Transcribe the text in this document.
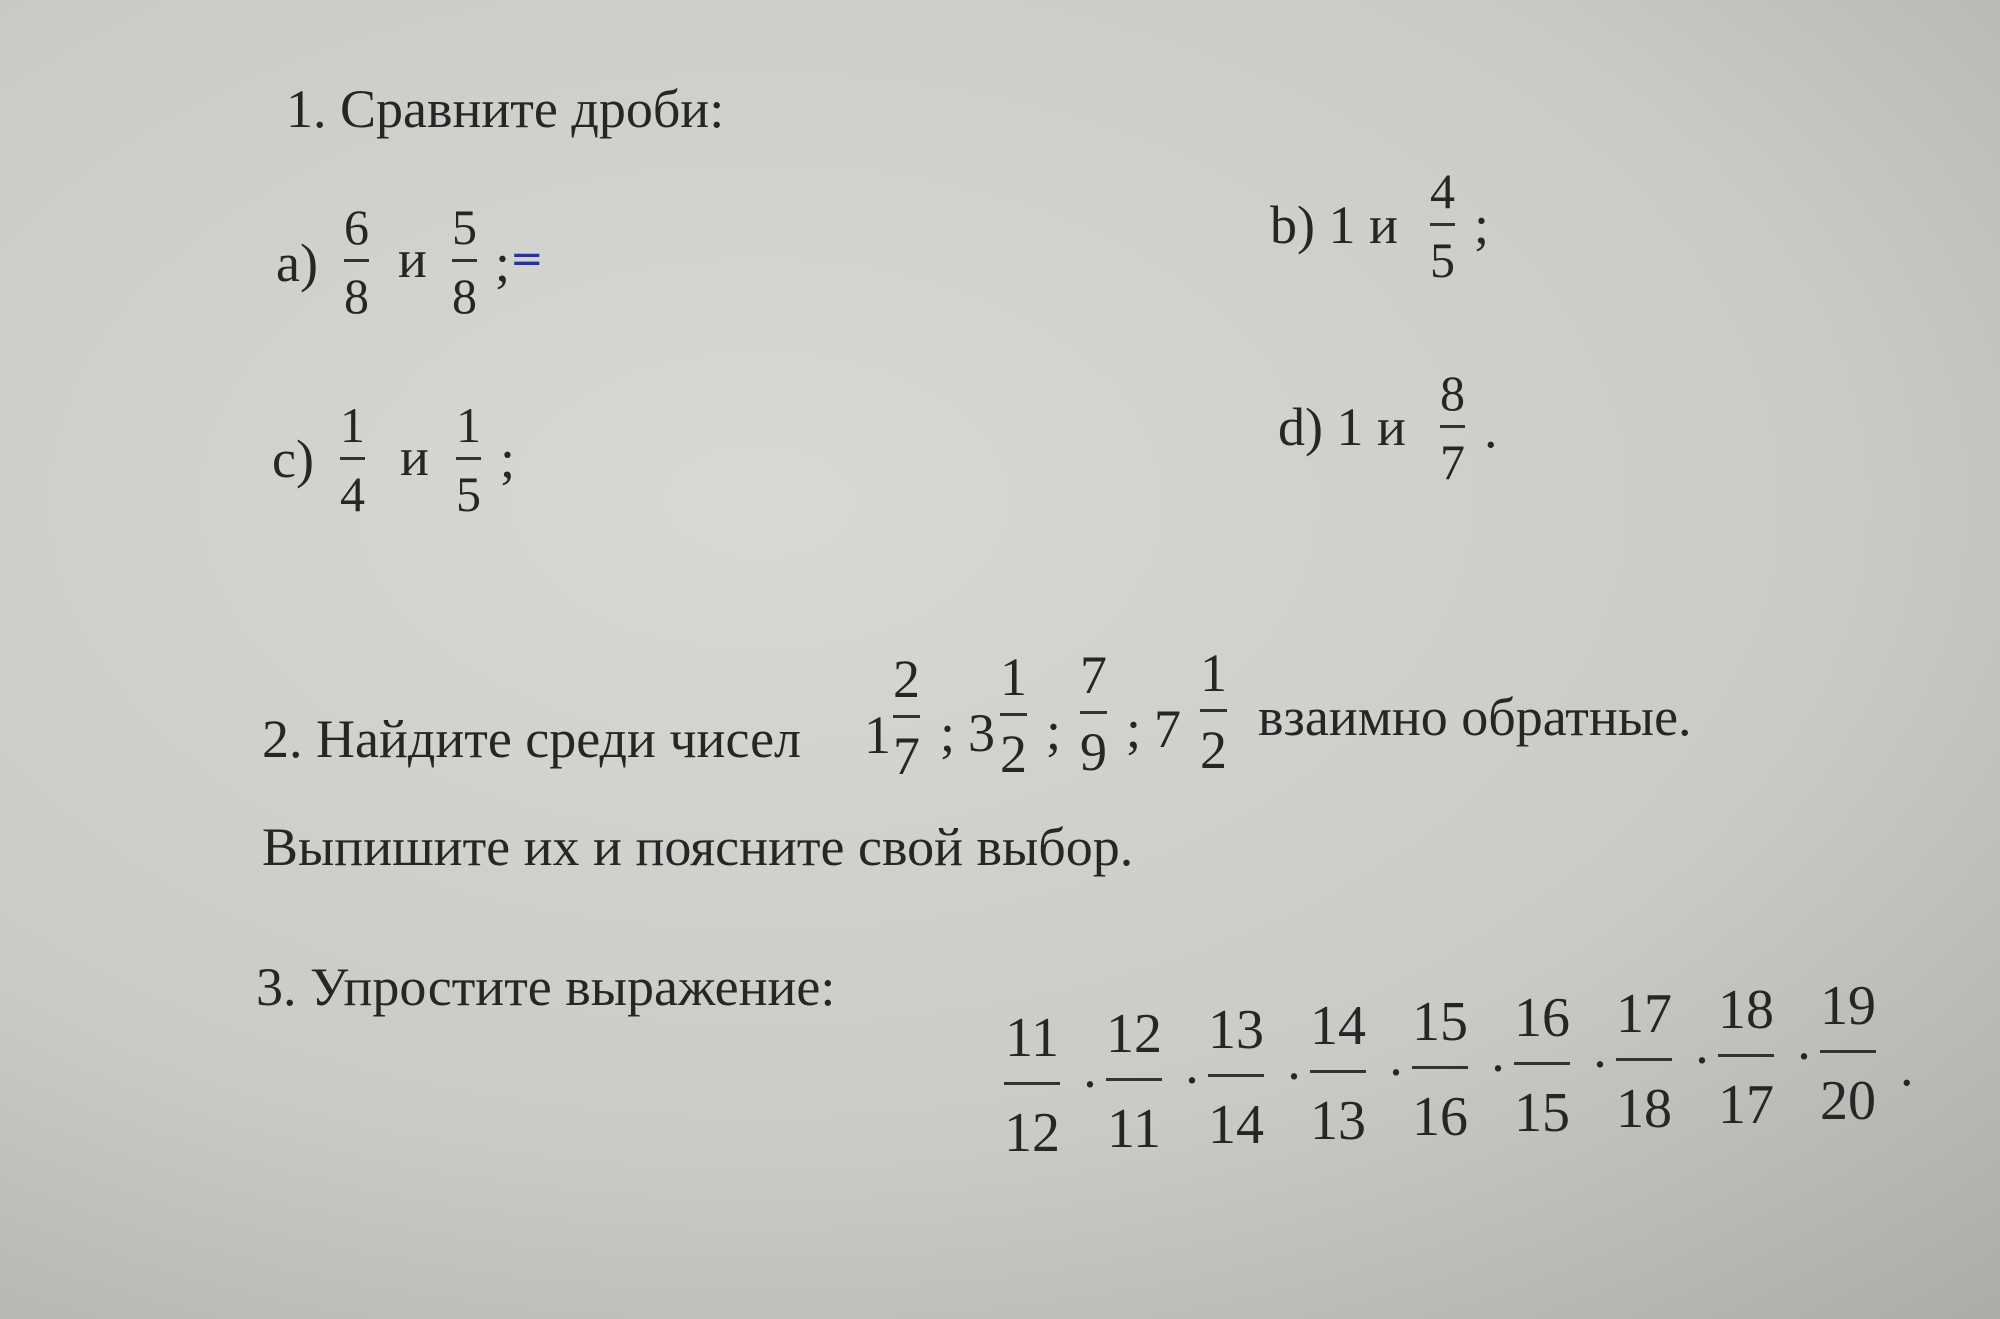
1. Сравните дроби:
a)
6
8
и
5
8
; =
b) 1 и
4
5
;
c)
1
4
и
1
5
;
d) 1 и
8
7
.
2. Найдите среди чисел 1
2
7 ; 3
1
2 ;
7
9 ; 7
1
2
взаимно обратные.
Выпишите их и поясните свой выбор.
3. Упростите выражение:
11
12
·
12
11
·
13
14
·
14
13
·
15
16
·
16
15
·
17
18
·
18
17
·
19
20
.
